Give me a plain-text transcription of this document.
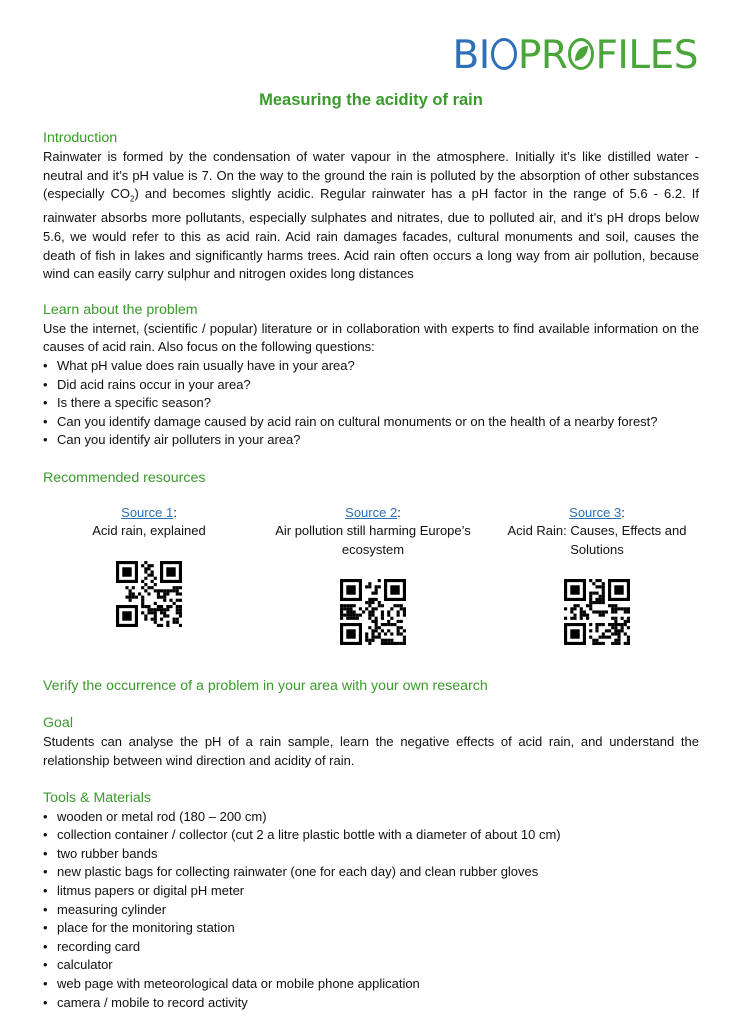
BI PR FILES
Measuring the acidity of rain
Introduction

Rainwater is formed by the condensation of water vapour in the atmosphere. Initially it’s like distilled water - neutral and it’s pH value is 7. On the way to the ground the rain is polluted by the absorption of other substances (especially $CO_2$) and becomes slightly acidic. Regular rainwater has a pH factor in the range of 5.6 - 6.2. If rainwater absorbs more pollutants, especially sulphates and nitrates, due to polluted air, and it’s pH drops below 5.6, we would refer to this as acid rain. Acid rain damages facades, cultural monuments and soil, causes the death of fish in lakes and significantly harms trees. Acid rain often occurs a long way from air pollution, because wind can easily carry sulphur and nitrogen oxides long distances

Learn about the problem

Use the internet, (scientific / popular) literature or in collaboration with experts to find available information on the causes of acid rain. Also focus on the following questions:

• What pH value does rain usually have in your area?
• Did acid rains occur in your area?
• Is there a specific season?
• Can you identify damage caused by acid rain on cultural monuments or on the health of a nearby forest?
• Can you identify air polluters in your area?
Recommended resources
Source 1:
Acid rain, explained
Source 2:
Air pollution still harming Europe’s ecosystem
Source 3:
Acid Rain: Causes, Effects and Solutions
Verify the occurrence of a problem in your area with your own research
Goal

Students can analyse the pH of a rain sample, learn the negative effects of acid rain, and understand the relationship between wind direction and acidity of rain.

Tools & Materials
• wooden or metal rod (180 – 200 cm)
• collection container / collector (cut 2 a litre plastic bottle with a diameter of about 10 cm)
• two rubber bands
• new plastic bags for collecting rainwater (one for each day) and clean rubber gloves
• litmus papers or digital pH meter
• measuring cylinder
• place for the monitoring station
• recording card
• calculator
• web page with meteorological data or mobile phone application
• camera / mobile to record activity
